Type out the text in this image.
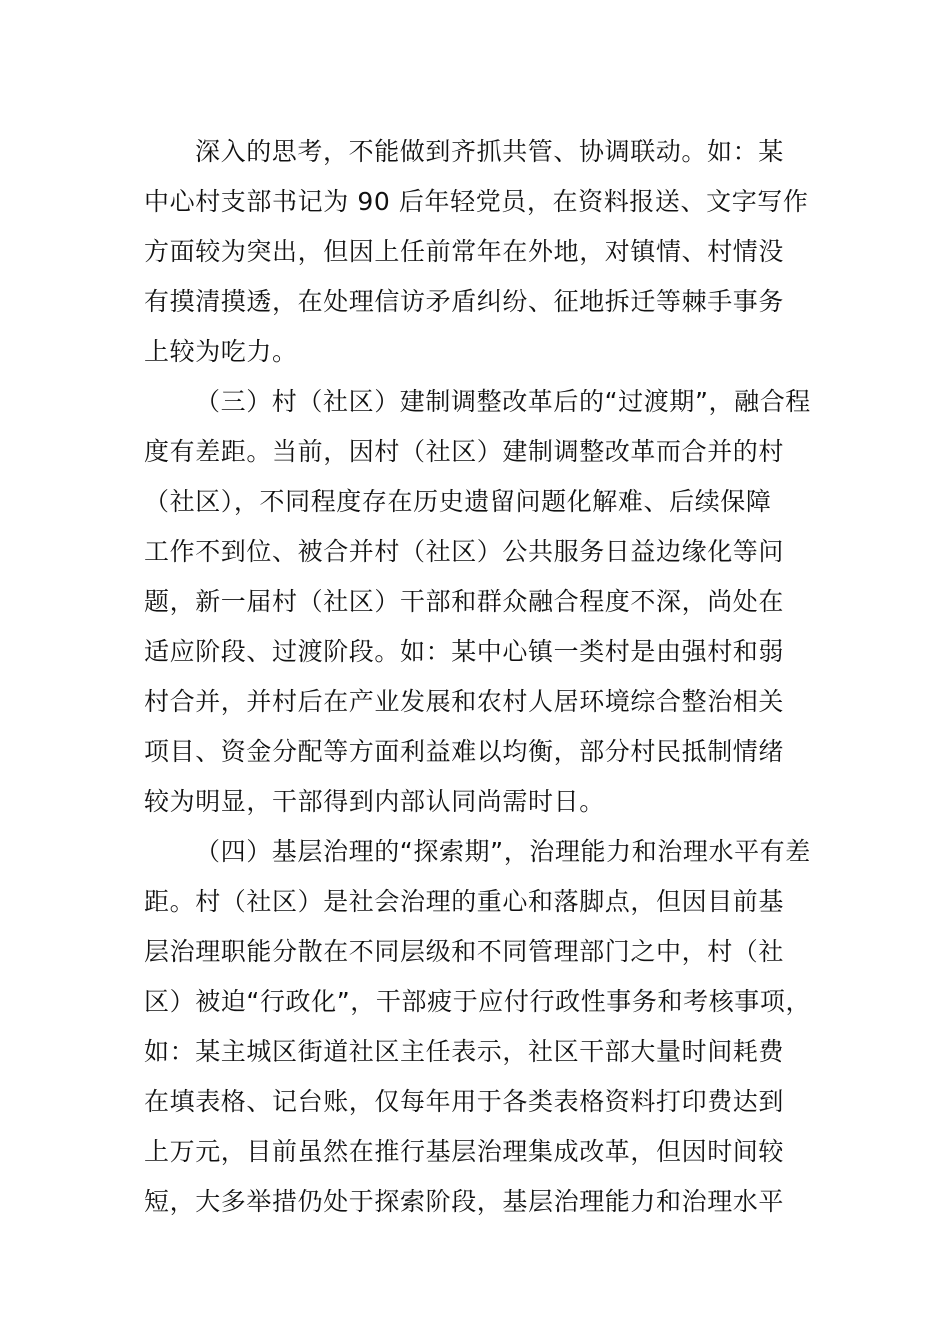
深入的思考，不能做到齐抓共管、协调联动。如：某
中心村支部书记为 90 后年轻党员，在资料报送、文字写作
方面较为突出，但因上任前常年在外地，对镇情、村情没
有摸清摸透，在处理信访矛盾纠纷、征地拆迁等棘手事务
上较为吃力。
（三）村（社区）建制调整改革后的“过渡期”，融合程
度有差距。当前，因村（社区）建制调整改革而合并的村
（社区），不同程度存在历史遗留问题化解难、后续保障
工作不到位、被合并村（社区）公共服务日益边缘化等问
题，新一届村（社区）干部和群众融合程度不深，尚处在
适应阶段、过渡阶段。如：某中心镇一类村是由强村和弱
村合并，并村后在产业发展和农村人居环境综合整治相关
项目、资金分配等方面利益难以均衡，部分村民抵制情绪
较为明显，干部得到内部认同尚需时日。
（四）基层治理的“探索期”，治理能力和治理水平有差
距。村（社区）是社会治理的重心和落脚点，但因目前基
层治理职能分散在不同层级和不同管理部门之中，村（社
区）被迫“行政化”，干部疲于应付行政性事务和考核事项，
如：某主城区街道社区主任表示，社区干部大量时间耗费
在填表格、记台账，仅每年用于各类表格资料打印费达到
上万元，目前虽然在推行基层治理集成改革，但因时间较
短，大多举措仍处于探索阶段，基层治理能力和治理水平
